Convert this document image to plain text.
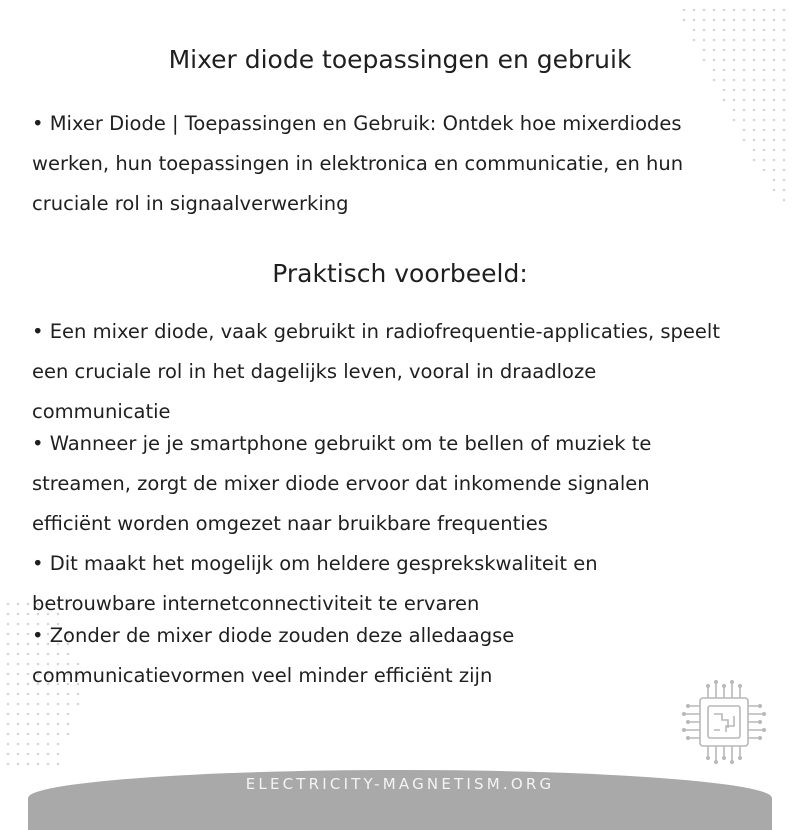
Mixer diode toepassingen en gebruik
• Mixer Diode | Toepassingen en Gebruik: Ontdek hoe mixerdiodes
werken, hun toepassingen in elektronica en communicatie, en hun
cruciale rol in signaalverwerking
Praktisch voorbeeld:
• Een mixer diode, vaak gebruikt in radiofrequentie-applicaties, speelt
een cruciale rol in het dagelijks leven, vooral in draadloze
communicatie
• Wanneer je je smartphone gebruikt om te bellen of muziek te
streamen, zorgt de mixer diode ervoor dat inkomende signalen
efficiënt worden omgezet naar bruikbare frequenties
• Dit maakt het mogelijk om heldere gesprekskwaliteit en
betrouwbare internetconnectiviteit te ervaren
• Zonder de mixer diode zouden deze alledaagse
communicatievormen veel minder efficiënt zijn
ELECTRICITY-MAGNETISM.ORG
